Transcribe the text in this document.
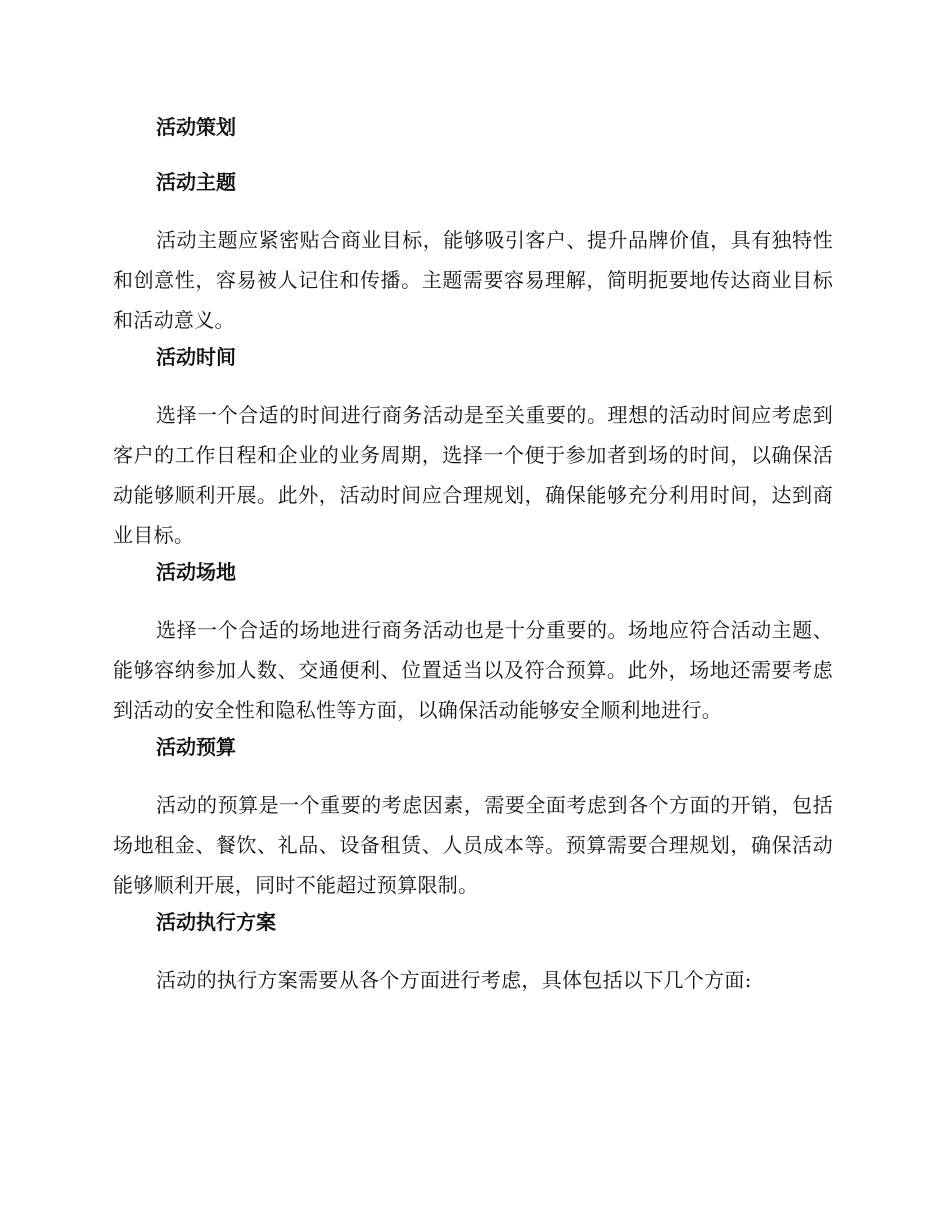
活动策划
活动主题

活动主题应紧密贴合商业目标，能够吸引客户、提升品牌价值，具有独特性和创意性，容易被人记住和传播。主题需要容易理解，简明扼要地传达商业目标和活动意义。

活动时间

选择一个合适的时间进行商务活动是至关重要的。理想的活动时间应考虑到客户的工作日程和企业的业务周期，选择一个便于参加者到场的时间，以确保活动能够顺利开展。此外，活动时间应合理规划，确保能够充分利用时间，达到商业目标。

活动场地

选择一个合适的场地进行商务活动也是十分重要的。场地应符合活动主题、能够容纳参加人数、交通便利、位置适当以及符合预算。此外，场地还需要考虑到活动的安全性和隐私性等方面，以确保活动能够安全顺利地进行。

活动预算

活动的预算是一个重要的考虑因素，需要全面考虑到各个方面的开销，包括场地租金、餐饮、礼品、设备租赁、人员成本等。预算需要合理规划，确保活动能够顺利开展，同时不能超过预算限制。

活动执行方案

活动的执行方案需要从各个方面进行考虑，具体包括以下几个方面:
